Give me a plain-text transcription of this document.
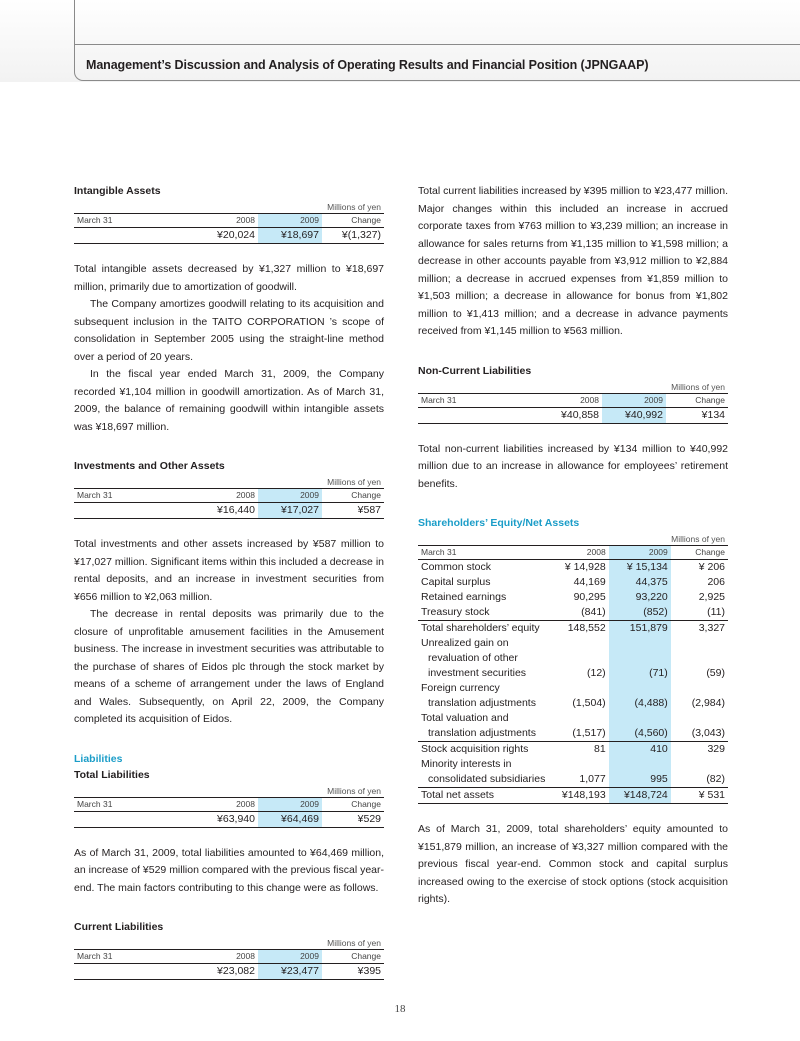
Management’s Discussion and Analysis of Operating Results and Financial Position (JPNGAAP)
Intangible Assets
Millions of yen			
March 31	2008	2009	Change
	¥20,024	¥18,697	¥(1,327)

Total intangible assets decreased by ¥1,327 million to ¥18,697 million, primarily due to amortization of goodwill.

The Company amortizes goodwill relating to its acquisition and subsequent inclusion in the TAITO CORPORATION ’s scope of consolidation in September 2005 using the straight-line method over a period of 20 years.

In the fiscal year ended March 31, 2009, the Company recorded ¥1,104 million in goodwill amortization. As of March 31, 2009, the balance of remaining goodwill within intangible assets was ¥18,697 million.

Investments and Other Assets
Millions of yen			
March 31	2008	2009	Change
	¥16,440	¥17,027	¥587

Total investments and other assets increased by ¥587 million to ¥17,027 million. Significant items within this included a decrease in rental deposits, and an increase in investment securities from ¥656 million to ¥2,063 million.

The decrease in rental deposits was primarily due to the closure of unprofitable amusement facilities in the Amusement business. The increase in investment securities was attributable to the purchase of shares of Eidos plc through the stock market by means of a scheme of arrangement under the laws of England and Wales. Subsequently, on April 22, 2009, the Company completed its acquisition of Eidos.

Liabilities
Total Liabilities
Millions of yen			
March 31	2008	2009	Change
	¥63,940	¥64,469	¥529

As of March 31, 2009, total liabilities amounted to ¥64,469 million, an increase of ¥529 million compared with the previous fiscal year-end. The main factors contributing to this change were as follows.

Current Liabilities
Millions of yen			
March 31	2008	2009	Change
	¥23,082	¥23,477	¥395

Total current liabilities increased by ¥395 million to ¥23,477 million. Major changes within this included an increase in accrued corporate taxes from ¥763 million to ¥3,239 million; an increase in allowance for sales returns from ¥1,135 million to ¥1,598 million; a decrease in other accounts payable from ¥3,912 million to ¥2,884 million; a decrease in accrued expenses from ¥1,859 million to ¥1,503 million; a decrease in allowance for bonus from ¥1,802 million to ¥1,413 million; and a decrease in advance payments received from ¥1,145 million to ¥563 million.

Non-Current Liabilities
Millions of yen			
March 31	2008	2009	Change
	¥40,858	¥40,992	¥134

Total non-current liabilities increased by ¥134 million to ¥40,992 million due to an increase in allowance for employees’ retirement benefits.

Shareholders’ Equity/Net Assets
Millions of yen			
March 31	2008	2009	Change
Common stock	¥ 14,928	¥ 15,134	¥ 206
Capital surplus	44,169	44,375	206
Retained earnings	90,295	93,220	2,925
Treasury stock	(841)	(852)	(11)
Total shareholders’ equity	148,552	151,879	3,327
Unrealized gain on			
revaluation of other			
investment securities	(12)	(71)	(59)
Foreign currency			
translation adjustments	(1,504)	(4,488)	(2,984)
Total valuation and			
translation adjustments	(1,517)	(4,560)	(3,043)
Stock acquisition rights	81	410	329
Minority interests in			
consolidated subsidiaries	1,077	995	(82)
Total net assets	¥148,193	¥148,724	¥ 531

As of March 31, 2009, total shareholders’ equity amounted to ¥151,879 million, an increase of ¥3,327 million compared with the previous fiscal year-end. Common stock and capital surplus increased owing to the exercise of stock options (stock acquisition rights).

18
